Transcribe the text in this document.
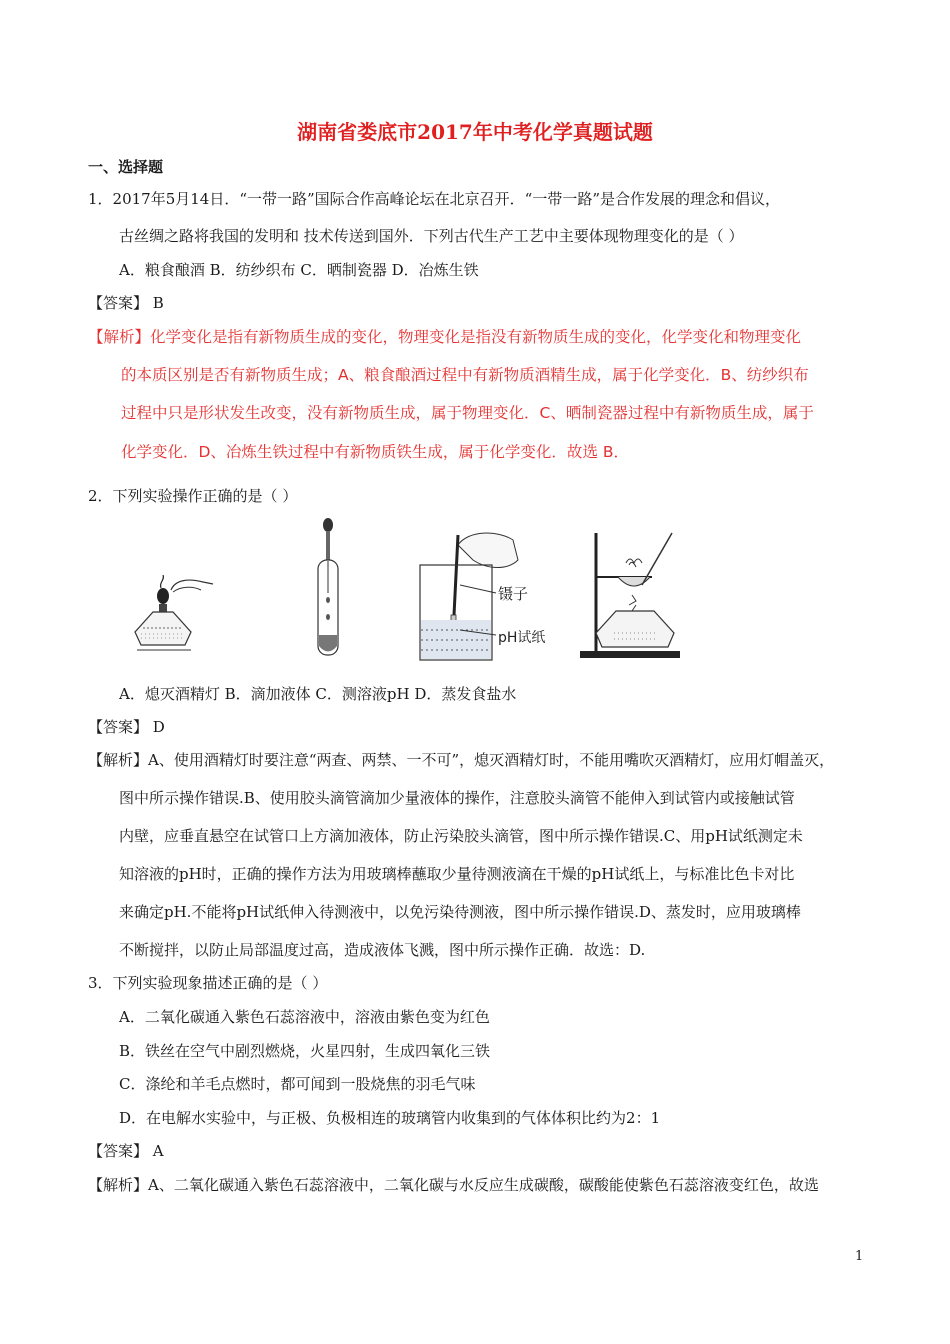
湖南省娄底市2017年中考化学真题试题
一、选择题
1．2017年5月14日．“一带一路”国际合作高峰论坛在北京召开．“一带一路”是合作发展的理念和倡议，
古丝绸之路将我国的发明和 技术传送到国外．下列古代生产工艺中主要体现物理变化的是（ ）
A．粮食酿酒 B．纺纱织布 C．晒制瓷器 D．冶炼生铁
【答案】 B
【解析】化学变化是指有新物质生成的变化，物理变化是指没有新物质生成的变化，化学变化和物理变化
的本质区别是否有新物质生成；A、粮食酿酒过程中有新物质酒精生成，属于化学变化．B、纺纱织布
过程中只是形状发生改变，没有新物质生成，属于物理变化．C、晒制瓷器过程中有新物质生成，属于
化学变化．D、冶炼生铁过程中有新物质铁生成，属于化学变化．故选 B．
2．下列实验操作正确的是（ ）
镊子
pH试纸
A．熄灭酒精灯 B．滴加液体 C．测溶液pH D．蒸发食盐水
【答案】 D
【解析】A、使用酒精灯时要注意“两查、两禁、一不可”，熄灭酒精灯时，不能用嘴吹灭酒精灯，应用灯帽盖灭，
图中所示操作错误.B、使用胶头滴管滴加少量液体的操作，注意胶头滴管不能伸入到试管内或接触试管
内壁，应垂直悬空在试管口上方滴加液体，防止污染胶头滴管，图中所示操作错误.C、用pH试纸测定未
知溶液的pH时，正确的操作方法为用玻璃棒蘸取少量待测液滴在干燥的pH试纸上，与标准比色卡对比
来确定pH.不能将pH试纸伸入待测液中，以免污染待测液，图中所示操作错误.D、蒸发时，应用玻璃棒
不断搅拌，以防止局部温度过高，造成液体飞溅，图中所示操作正确．故选：D.
3．下列实验现象描述正确的是（ ）
A．二氧化碳通入紫色石蕊溶液中，溶液由紫色变为红色
B．铁丝在空气中剧烈燃烧，火星四射，生成四氧化三铁
C．涤纶和羊毛点燃时，都可闻到一股烧焦的羽毛气味
D．在电解水实验中，与正极、负极相连的玻璃管内收集到的气体体积比约为2：1
【答案】 A
【解析】A、二氧化碳通入紫色石蕊溶液中，二氧化碳与水反应生成碳酸，碳酸能使紫色石蕊溶液变红色，故选
1
